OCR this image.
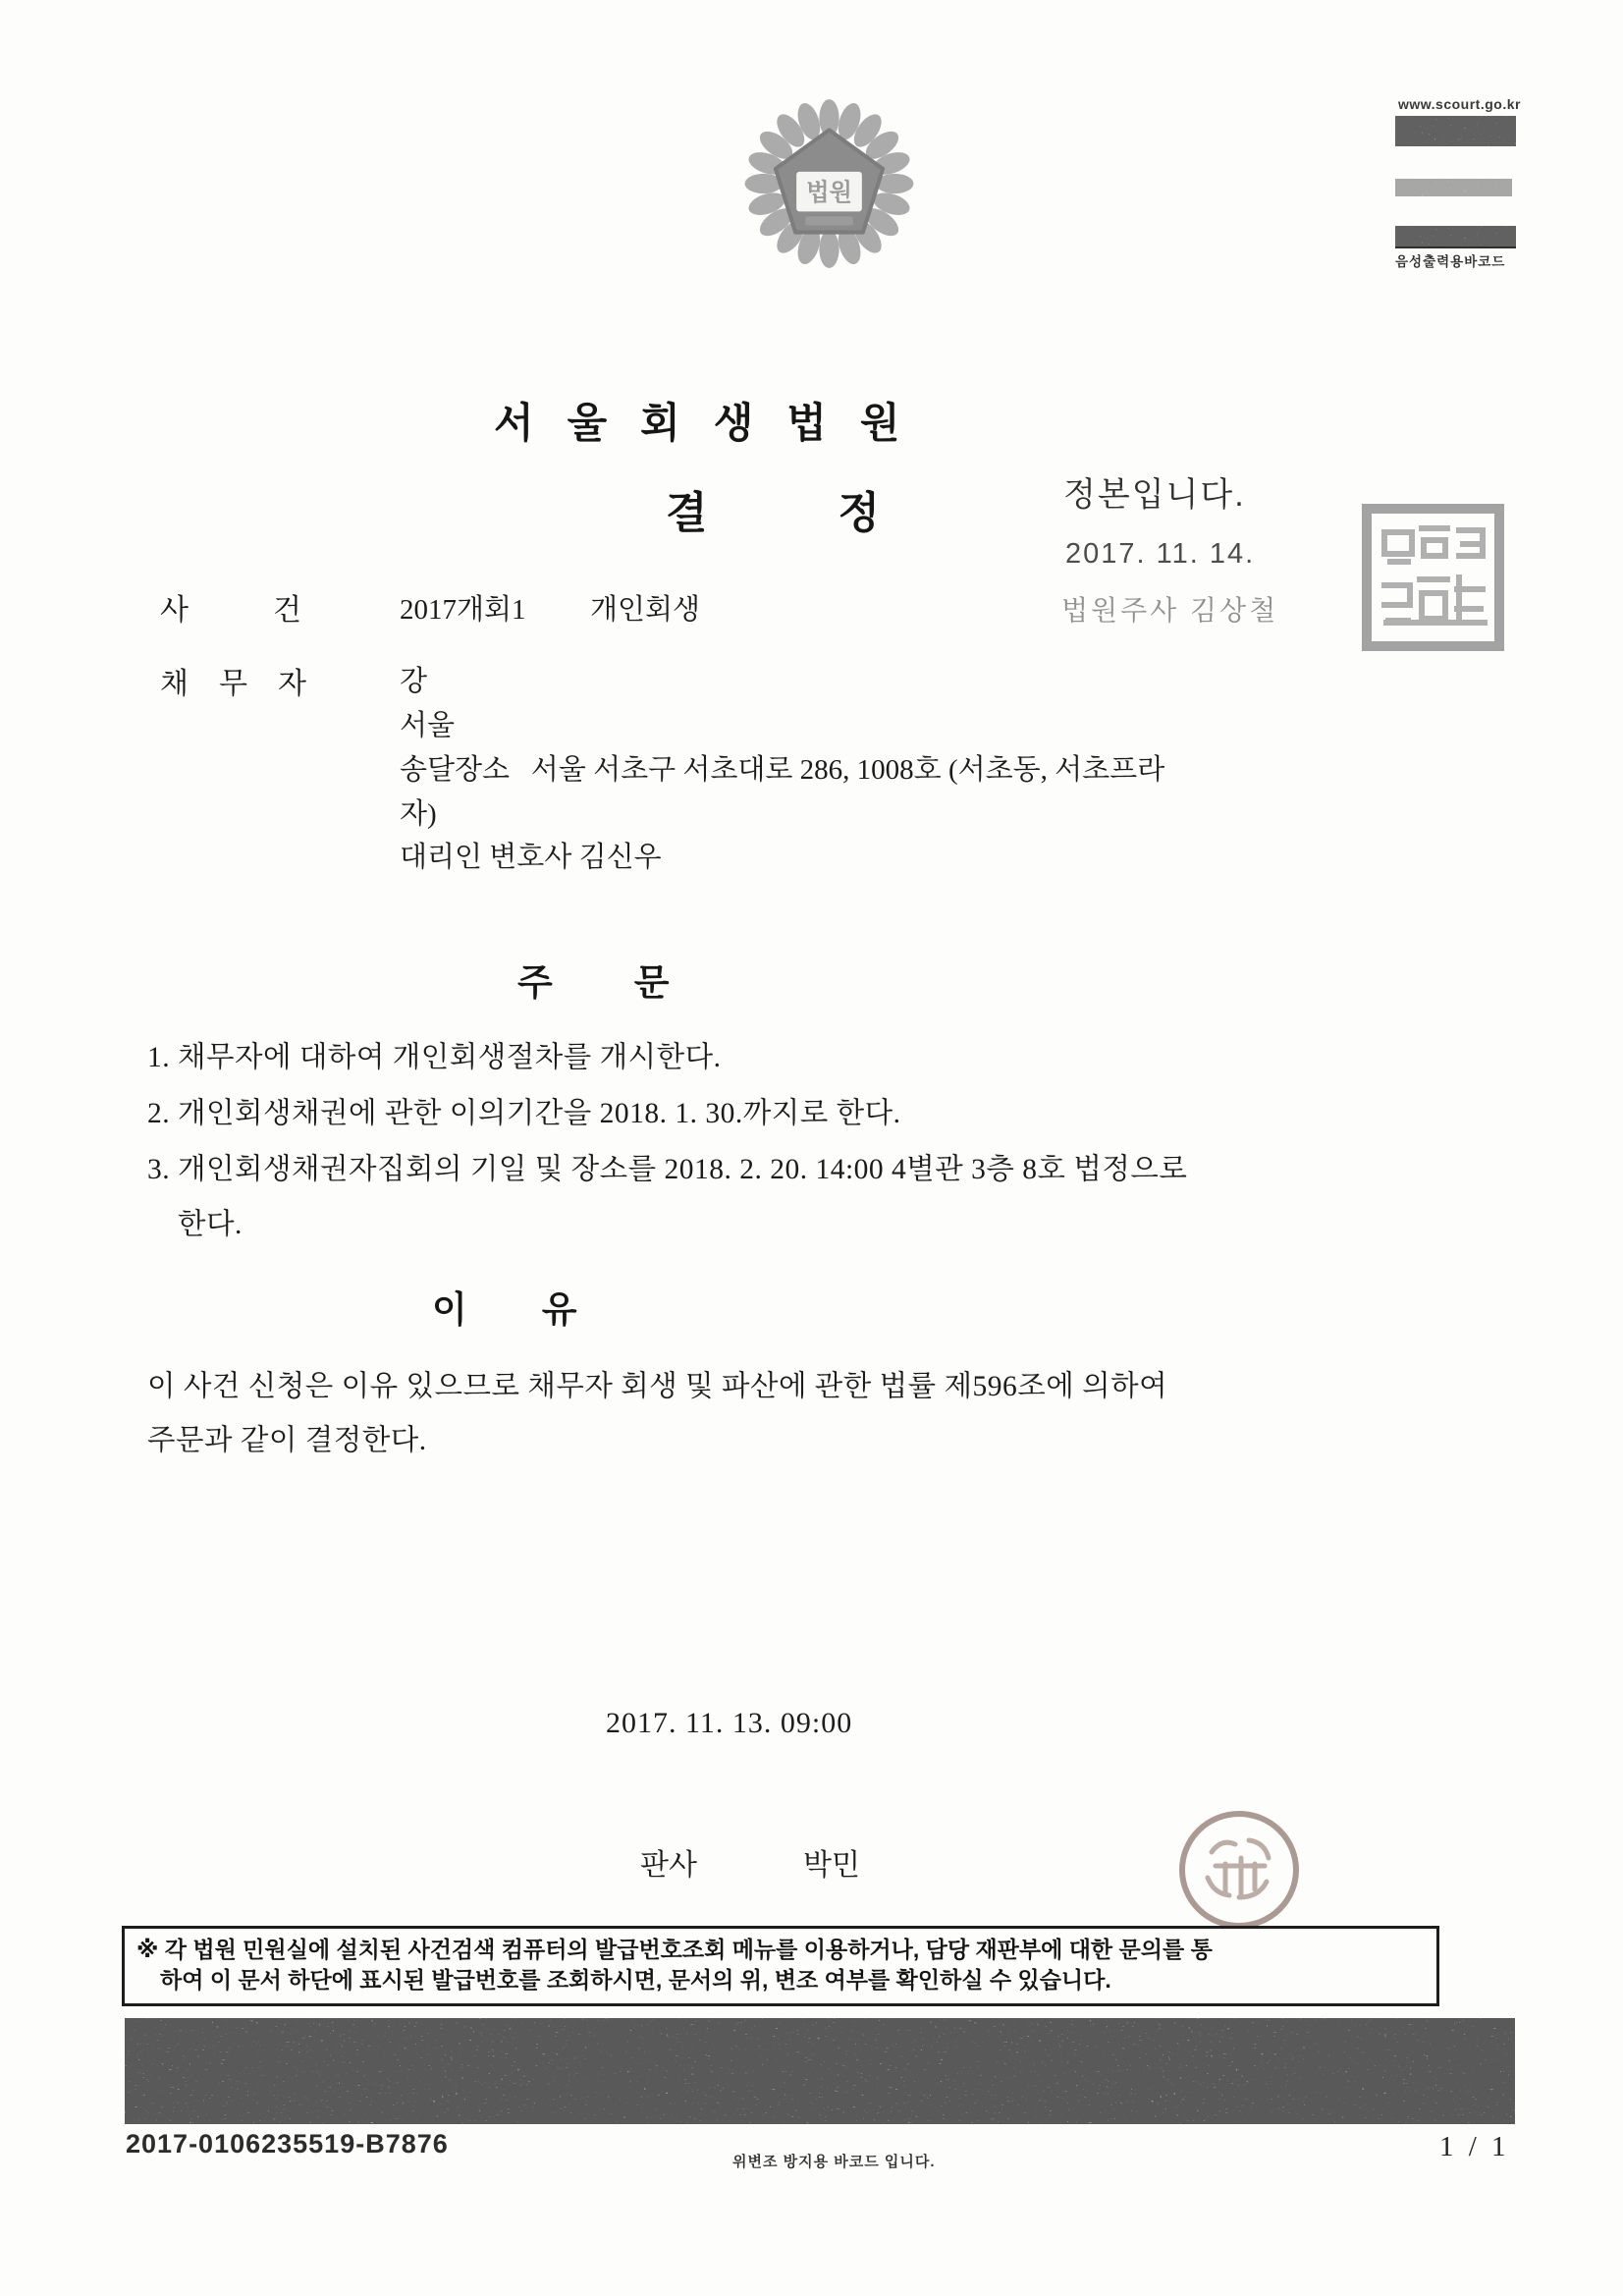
법원
www.scourt.go.kr
음성출력용바코드
서울회생법원
결정 정본입니다.
2017. 11. 14.
법원주사 김상철
사건 2017개회1 개인회생
채무자 강
서울
송달장소   서울 서초구 서초대로 286, 1008호 (서초동, 서초프라
자)
대리인 변호사 김신우
주문
1. 채무자에 대하여 개인회생절차를 개시한다.
2. 개인회생채권에 관한 이의기간을 2018. 1. 30.까지로 한다.
3. 개인회생채권자집회의 기일 및 장소를 2018. 2. 20. 14:00 4별관 3층 8호 법정으로
한다.
이유
이 사건 신청은 이유 있으므로 채무자 회생 및 파산에 관한 법률 제596조에 의하여
주문과 같이 결정한다.
2017. 11. 13. 09:00
판사	박민
※ 각 법원 민원실에 설치된 사건검색 컴퓨터의 발급번호조회 메뉴를 이용하거나, 담당 재판부에 대한 문의를 통
하여 이 문서 하단에 표시된 발급번호를 조회하시면, 문서의 위, 변조 여부를 확인하실 수 있습니다.
2017-0106235519-B7876
위변조 방지용 바코드 입니다.	1 / 1
